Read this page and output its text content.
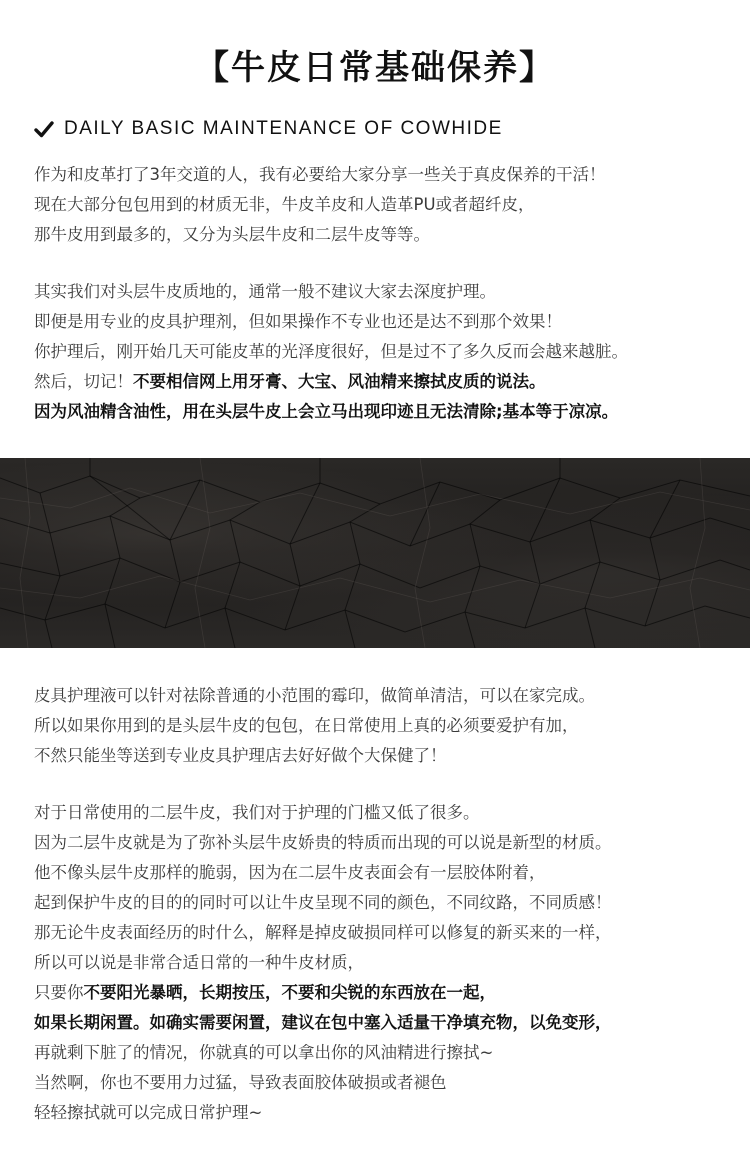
【牛皮日常基础保养】
DAILY BASIC MAINTENANCE OF COWHIDE
作为和皮革打了3年交道的人，我有必要给大家分享一些关于真皮保养的干活！
现在大部分包包用到的材质无非，牛皮羊皮和人造革PU或者超纤皮，
那牛皮用到最多的，又分为头层牛皮和二层牛皮等等。
其实我们对头层牛皮质地的，通常一般不建议大家去深度护理。
即便是用专业的皮具护理剂，但如果操作不专业也还是达不到那个效果！
你护理后，刚开始几天可能皮革的光泽度很好，但是过不了多久反而会越来越脏。
然后，切记！不要相信网上用牙膏、大宝、风油精来擦拭皮质的说法。
因为风油精含油性，用在头层牛皮上会立马出现印迹且无法清除;基本等于凉凉。
皮具护理液可以针对祛除普通的小范围的霉印，做简单清洁，可以在家完成。
所以如果你用到的是头层牛皮的包包，在日常使用上真的必须要爱护有加，
不然只能坐等送到专业皮具护理店去好好做个大保健了！
对于日常使用的二层牛皮，我们对于护理的门槛又低了很多。
因为二层牛皮就是为了弥补头层牛皮娇贵的特质而出现的可以说是新型的材质。
他不像头层牛皮那样的脆弱，因为在二层牛皮表面会有一层胶体附着，
起到保护牛皮的目的的同时可以让牛皮呈现不同的颜色，不同纹路，不同质感！
那无论牛皮表面经历的时什么，解释是掉皮破损同样可以修复的新买来的一样，
所以可以说是非常合适日常的一种牛皮材质，
只要你不要阳光暴晒，长期按压，不要和尖锐的东西放在一起，
如果长期闲置。如确实需要闲置，建议在包中塞入适量干净填充物，以免变形，
再就剩下脏了的情况，你就真的可以拿出你的风油精进行擦拭~
当然啊，你也不要用力过猛，导致表面胶体破损或者褪色
轻轻擦拭就可以完成日常护理~
